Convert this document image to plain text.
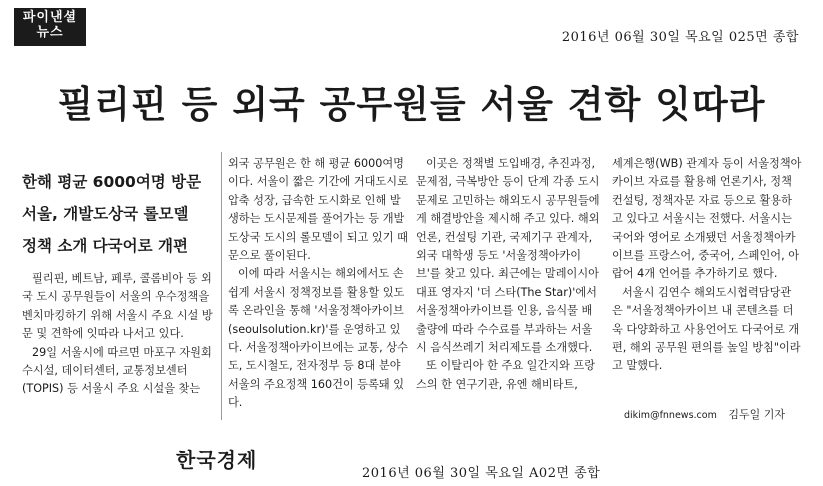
파이낸셜
뉴스	2016년 06월 30일 목요일 025면 종합
필리핀 등 외국 공무원들 서울 견학 잇따라
한해 평균 6000여명 방문
서울, 개발도상국 롤모델
정책 소개 다국어로 개편

필리핀, 베트남, 페루, 콜롬비아 등 외국 도시 공무원들이 서울의 우수정책을 벤치마킹하기 위해 서울시 주요 시설 방문 및 견학에 잇따라 나서고 있다.

29일 서울시에 따르면 마포구 자원회수시설, 데이터센터, 교통정보센터(TOPIS) 등 서울시 주요 시설을 찾는

외국 공무원은 한 해 평균 6000여명이다. 서울이 짧은 기간에 거대도시로 압축 성장, 급속한 도시화로 인해 발생하는 도시문제를 풀어가는 등 개발도상국 도시의 롤모델이 되고 있기 때문으로 풀이된다.

이에 따라 서울시는 해외에서도 손쉽게 서울시 정책정보를 활용할 있도록 온라인을 통해 '서울정책아카이브(seoulsolution.kr)'를 운영하고 있다. 서울정책아카이브에는 교통, 상수도, 도시철도, 전자정부 등 8대 분야 서울의 주요정책 160건이 등록돼 있다.

이곳은 정책별 도입배경, 추진과정, 문제점, 극복방안 등이 단계 각종 도시문제로 고민하는 해외도시 공무원들에게 해결방안을 제시해 주고 있다. 해외언론, 컨설팅 기관, 국제기구 관계자, 외국 대학생 등도 '서울정책아카이브'를 찾고 있다. 최근에는 말레이시아 대표 영자지 '더 스타(The Star)'에서 서울정책아카이브를 인용, 음식물 배출량에 따라 수수료를 부과하는 서울시 음식쓰레기 처리제도를 소개했다.

또 이탈리아 한 주요 일간지와 프랑스의 한 연구기관, 유엔 해비타트,

세계은행(WB) 관계자 등이 서울정책아카이브 자료를 활용해 언론기사, 정책컨설팅, 정책자문 자료 등으로 활용하고 있다고 서울시는 전했다. 서울시는 국어와 영어로 소개됐던 서울정책아카이브를 프랑스어, 중국어, 스페인어, 아랍어 4개 언어를 추가하기로 했다.

서울시 김연수 해외도시협력담당관은 "서울정책아카이브 내 콘텐츠를 더욱 다양화하고 사용언어도 다국어로 개편, 해외 공무원 편의를 높일 방침"이라고 말했다.

dikim@fnnews.com 김두일 기자
한국경제
2016년 06월 30일 목요일 A02면 종합
